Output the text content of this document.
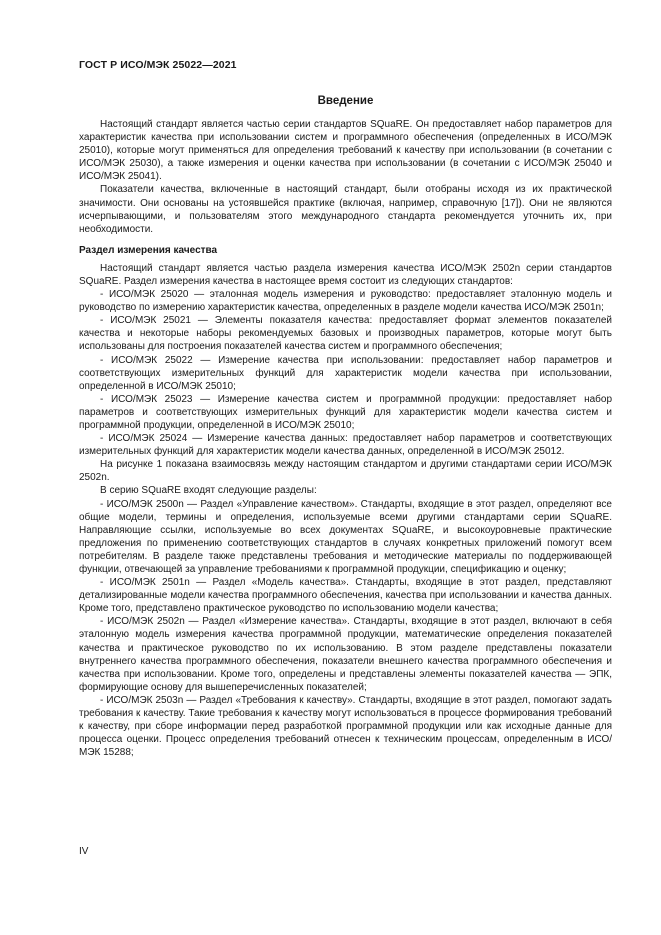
ГОСТ Р ИСО/МЭК 25022—2021
Введение

Настоящий стандарт является частью серии стандартов SQuaRE. Он предоставляет набор параметров для характеристик качества при использовании систем и программного обеспечения (определенных в ИСО/МЭК 25010), которые могут применяться для определения требований к качеству при использовании (в сочетании с ИСО/МЭК 25030), а также измерения и оценки качества при использовании (в сочетании с ИСО/МЭК 25040 и ИСО/МЭК 25041).

Показатели качества, включенные в настоящий стандарт, были отобраны исходя из их практической значимости. Они основаны на устоявшейся практике (включая, например, справочную [17]). Они не являются исчерпывающими, и пользователям этого международного стандарта рекомендуется уточнить их, при необходимости.

Раздел измерения качества

Настоящий стандарт является частью раздела измерения качества ИСО/МЭК 2502n серии стандартов SQuaRE. Раздел измерения качества в настоящее время состоит из следующих стандартов:

- ИСО/МЭК 25020 — эталонная модель измерения и руководство: предоставляет эталонную модель и руководство по измерению характеристик качества, определенных в разделе модели качества ИСО/МЭК 2501n;

- ИСО/МЭК 25021 — Элементы показателя качества: предоставляет формат элементов показателей качества и некоторые наборы рекомендуемых базовых и производных параметров, которые могут быть использованы для построения показателей качества систем и программного обеспечения;

- ИСО/МЭК 25022 — Измерение качества при использовании: предоставляет набор параметров и соответствующих измерительных функций для характеристик модели качества при использовании, определенной в ИСО/МЭК 25010;

- ИСО/МЭК 25023 — Измерение качества систем и программной продукции: предоставляет набор параметров и соответствующих измерительных функций для характеристик модели качества систем и программной продукции, определенной в ИСО/МЭК 25010;

- ИСО/МЭК 25024 — Измерение качества данных: предоставляет набор параметров и соответствующих измерительных функций для характеристик модели качества данных, определенной в ИСО/МЭК 25012.

На рисунке 1 показана взаимосвязь между настоящим стандартом и другими стандартами серии ИСО/МЭК 2502n.

В серию SQuaRE входят следующие разделы:

- ИСО/МЭК 2500n — Раздел «Управление качеством». Стандарты, входящие в этот раздел, определяют все общие модели, термины и определения, используемые всеми другими стандартами серии SQuaRE. Направляющие ссылки, используемые во всех документах SQuaRE, и высокоуровневые практические предложения по применению соответствующих стандартов в случаях конкретных приложений помогут всем потребителям. В разделе также представлены требования и методические материалы по поддерживающей функции, отвечающей за управление требованиями к программной продукции, спецификацию и оценку;

- ИСО/МЭК 2501n — Раздел «Модель качества». Стандарты, входящие в этот раздел, представляют детализированные модели качества программного обеспечения, качества при использовании и качества данных. Кроме того, представлено практическое руководство по использованию модели качества;

- ИСО/МЭК 2502n — Раздел «Измерение качества». Стандарты, входящие в этот раздел, включают в себя эталонную модель измерения качества программной продукции, математические определения показателей качества и практическое руководство по их использованию. В этом разделе представлены показатели внутреннего качества программного обеспечения, показатели внешнего качества программного обеспечения и качества при использовании. Кроме того, определены и представлены элементы показателей качества — ЭПК, формирующие основу для вышеперечисленных показателей;

- ИСО/МЭК 2503n — Раздел «Требования к качеству». Стандарты, входящие в этот раздел, помогают задать требования к качеству. Такие требования к качеству могут использоваться в процессе формирования требований к качеству, при сборе информации перед разработкой программной продукции или как исходные данные для процесса оценки. Процесс определения требований отнесен к техническим процессам, определенным в ИСО/МЭК 15288;

IV
